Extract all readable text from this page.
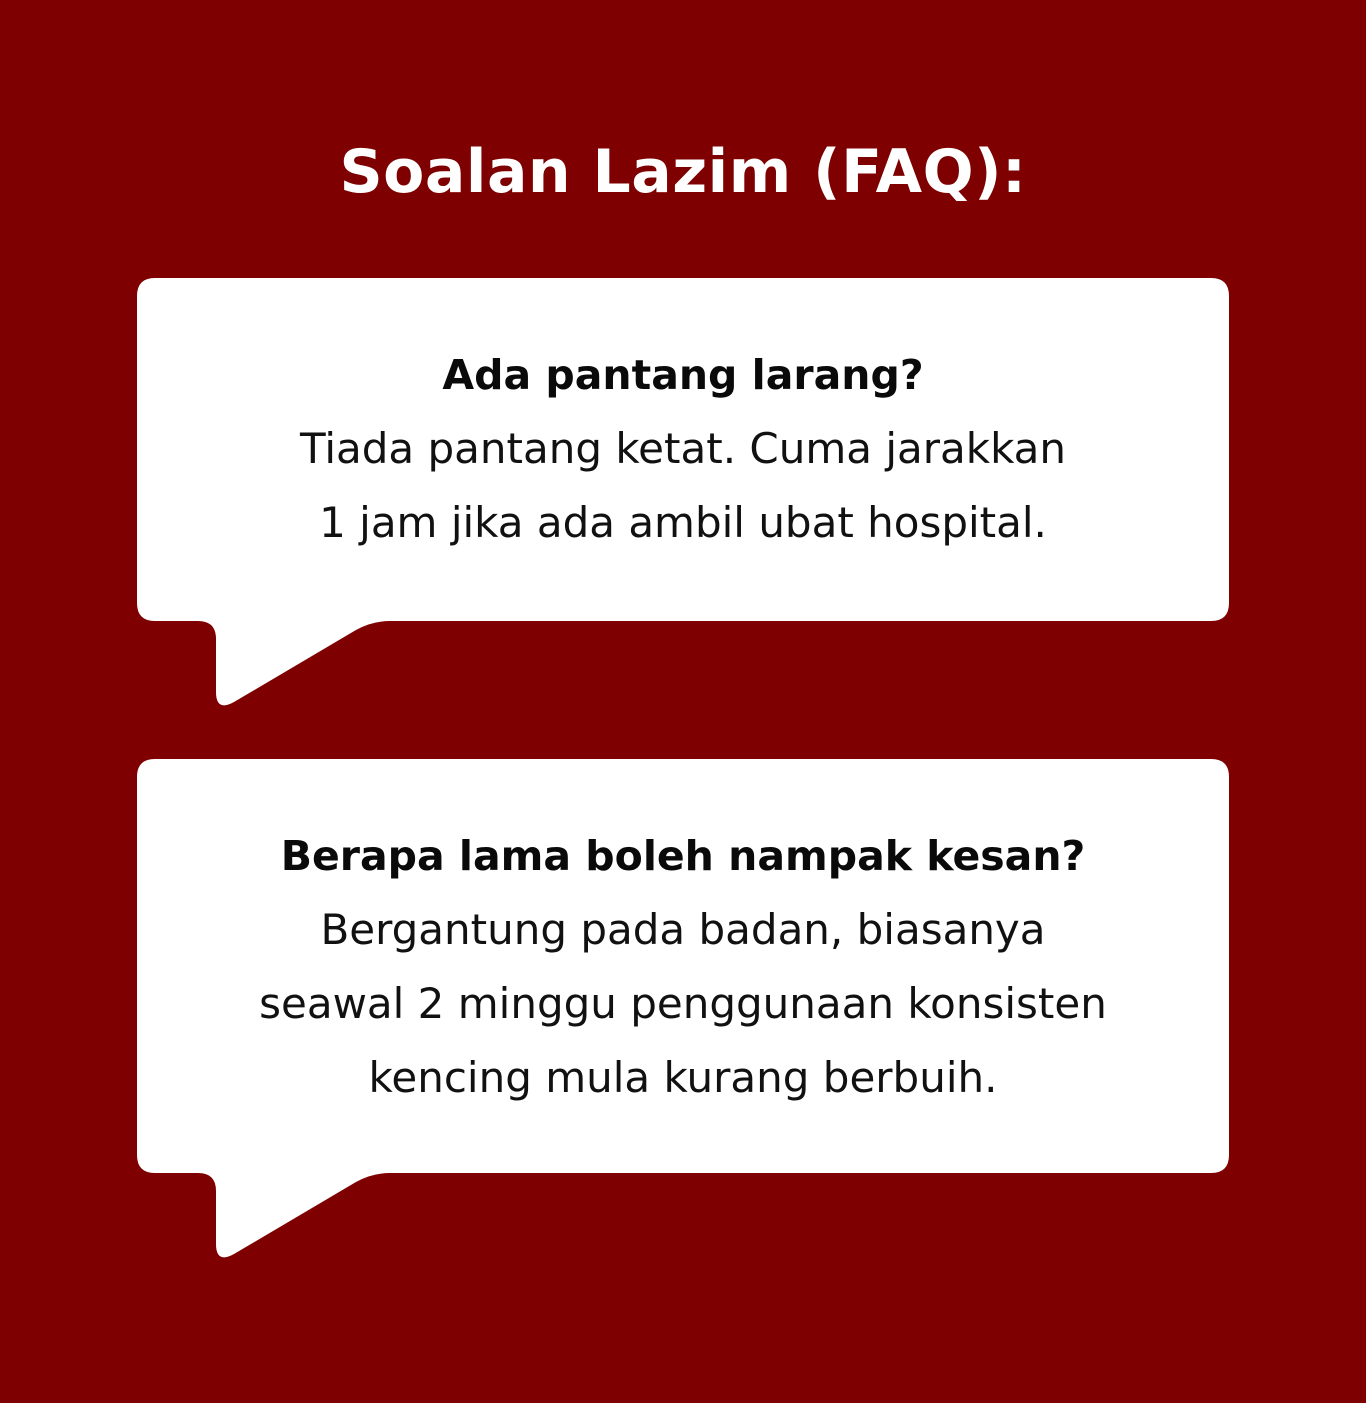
Soalan Lazim (FAQ):
Ada pantang larang?
Tiada pantang ketat. Cuma jarakkan
1 jam jika ada ambil ubat hospital.
Berapa lama boleh nampak kesan?
Bergantung pada badan, biasanya
seawal 2 minggu penggunaan konsisten
kencing mula kurang berbuih.
